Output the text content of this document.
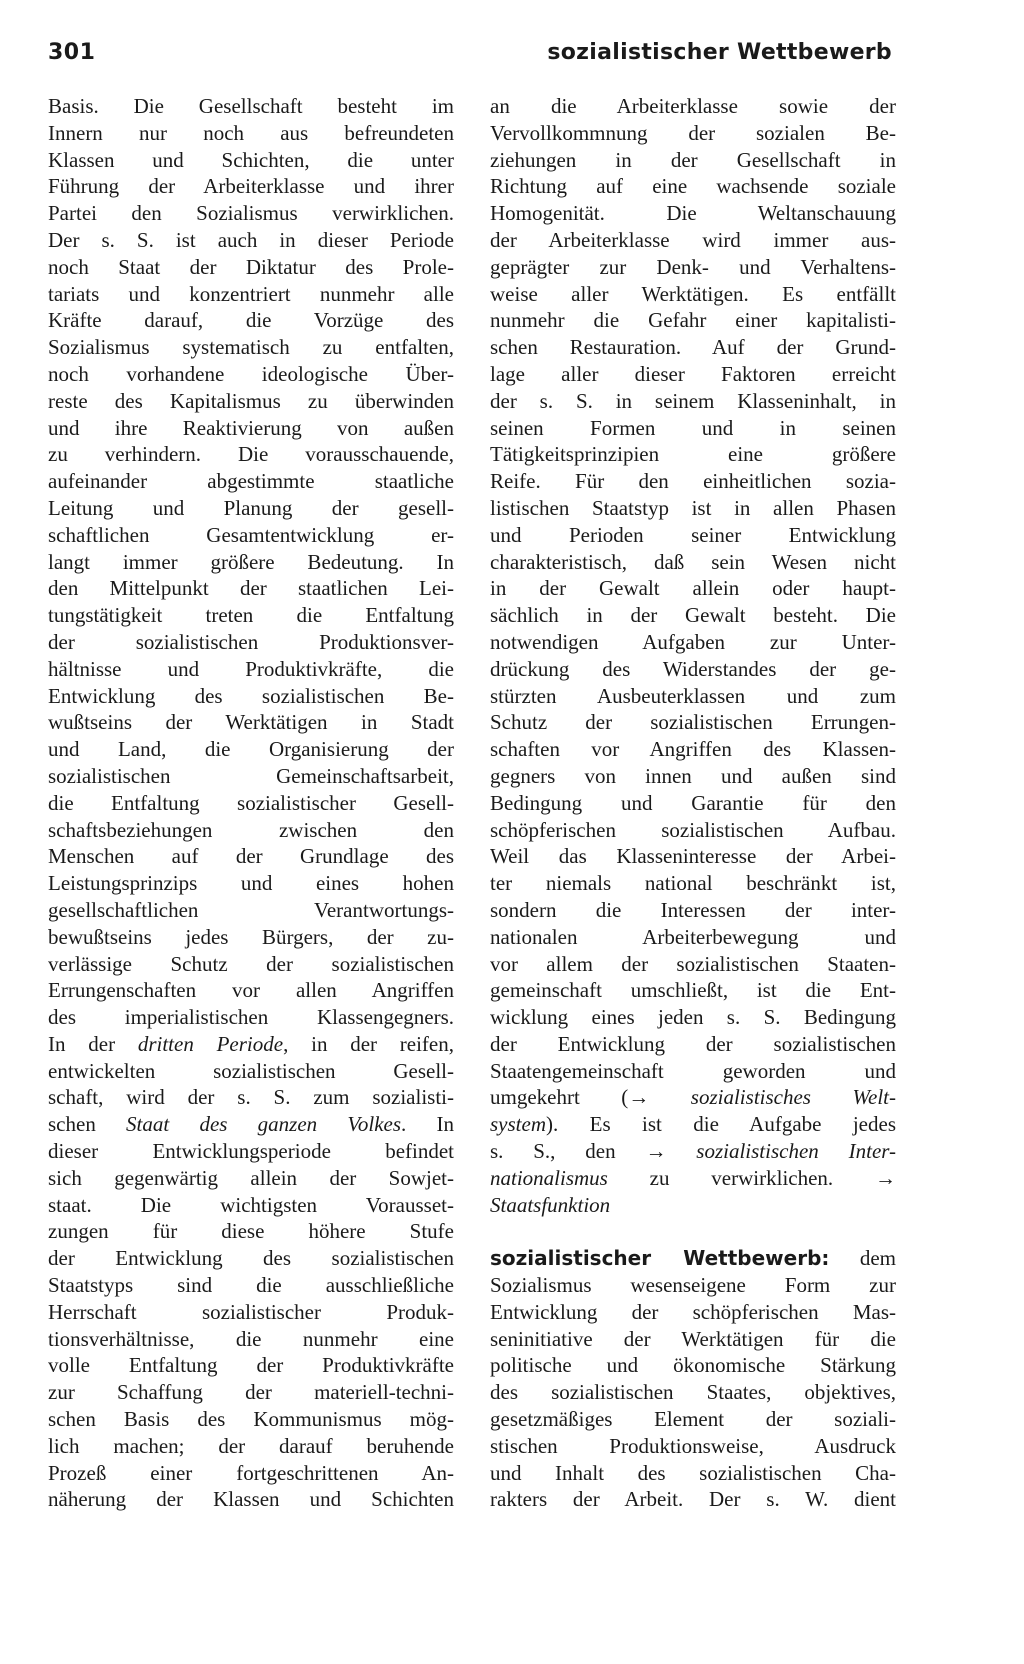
301	sozialistischer Wettbewerb
Basis. Die Gesellschaft besteht im
Innern nur noch aus befreundeten
Klassen und Schichten, die unter
Führung der Arbeiterklasse und ihrer
Partei den Sozialismus verwirklichen.
Der s. S. ist auch in dieser Periode
noch Staat der Diktatur des Prole-
tariats und konzentriert nunmehr alle
Kräfte darauf, die Vorzüge des
Sozialismus systematisch zu entfalten,
noch vorhandene ideologische Über-
reste des Kapitalismus zu überwinden
und ihre Reaktivierung von außen
zu verhindern. Die vorausschauende,
aufeinander abgestimmte staatliche
Leitung und Planung der gesell-
schaftlichen Gesamtentwicklung er-
langt immer größere Bedeutung. In
den Mittelpunkt der staatlichen Lei-
tungstätigkeit treten die Entfaltung
der sozialistischen Produktionsver-
hältnisse und Produktivkräfte, die
Entwicklung des sozialistischen Be-
wußtseins der Werktätigen in Stadt
und Land, die Organisierung der
sozialistischen Gemeinschaftsarbeit,
die Entfaltung sozialistischer Gesell-
schaftsbeziehungen zwischen den
Menschen auf der Grundlage des
Leistungsprinzips und eines hohen
gesellschaftlichen Verantwortungs-
bewußtseins jedes Bürgers, der zu-
verlässige Schutz der sozialistischen
Errungenschaften vor allen Angriffen
des imperialistischen Klassengegners.
In der dritten Periode, in der reifen,
entwickelten sozialistischen Gesell-
schaft, wird der s. S. zum sozialisti-
schen Staat des ganzen Volkes. In
dieser Entwicklungsperiode befindet
sich gegenwärtig allein der Sowjet-
staat. Die wichtigsten Vorausset-
zungen für diese höhere Stufe
der Entwicklung des sozialistischen
Staatstyps sind die ausschließliche
Herrschaft sozialistischer Produk-
tionsverhältnisse, die nunmehr eine
volle Entfaltung der Produktivkräfte
zur Schaffung der materiell-techni-
schen Basis des Kommunismus mög-
lich machen; der darauf beruhende
Prozeß einer fortgeschrittenen An-
näherung der Klassen und Schichten
an die Arbeiterklasse sowie der
Vervollkommnung der sozialen Be-
ziehungen in der Gesellschaft in
Richtung auf eine wachsende soziale
Homogenität. Die Weltanschauung
der Arbeiterklasse wird immer aus-
geprägter zur Denk- und Verhaltens-
weise aller Werktätigen. Es entfällt
nunmehr die Gefahr einer kapitalisti-
schen Restauration. Auf der Grund-
lage aller dieser Faktoren erreicht
der s. S. in seinem Klasseninhalt, in
seinen Formen und in seinen
Tätigkeitsprinzipien eine größere
Reife. Für den einheitlichen sozia-
listischen Staatstyp ist in allen Phasen
und Perioden seiner Entwicklung
charakteristisch, daß sein Wesen nicht
in der Gewalt allein oder haupt-
sächlich in der Gewalt besteht. Die
notwendigen Aufgaben zur Unter-
drückung des Widerstandes der ge-
stürzten Ausbeuterklassen und zum
Schutz der sozialistischen Errungen-
schaften vor Angriffen des Klassen-
gegners von innen und außen sind
Bedingung und Garantie für den
schöpferischen sozialistischen Aufbau.
Weil das Klasseninteresse der Arbei-
ter niemals national beschränkt ist,
sondern die Interessen der inter-
nationalen Arbeiterbewegung und
vor allem der sozialistischen Staaten-
gemeinschaft umschließt, ist die Ent-
wicklung eines jeden s. S. Bedingung
der Entwicklung der sozialistischen
Staatengemeinschaft geworden und
umgekehrt (→ sozialistisches Welt-
system). Es ist die Aufgabe jedes
s. S., den → sozialistischen Inter-
nationalismus zu verwirklichen. →
Staatsfunktion
sozialistischer Wettbewerb: dem
Sozialismus wesenseigene Form zur
Entwicklung der schöpferischen Mas-
seninitiative der Werktätigen für die
politische und ökonomische Stärkung
des sozialistischen Staates, objektives,
gesetzmäßiges Element der soziali-
stischen Produktionsweise, Ausdruck
und Inhalt des sozialistischen Cha-
rakters der Arbeit. Der s. W. dient
